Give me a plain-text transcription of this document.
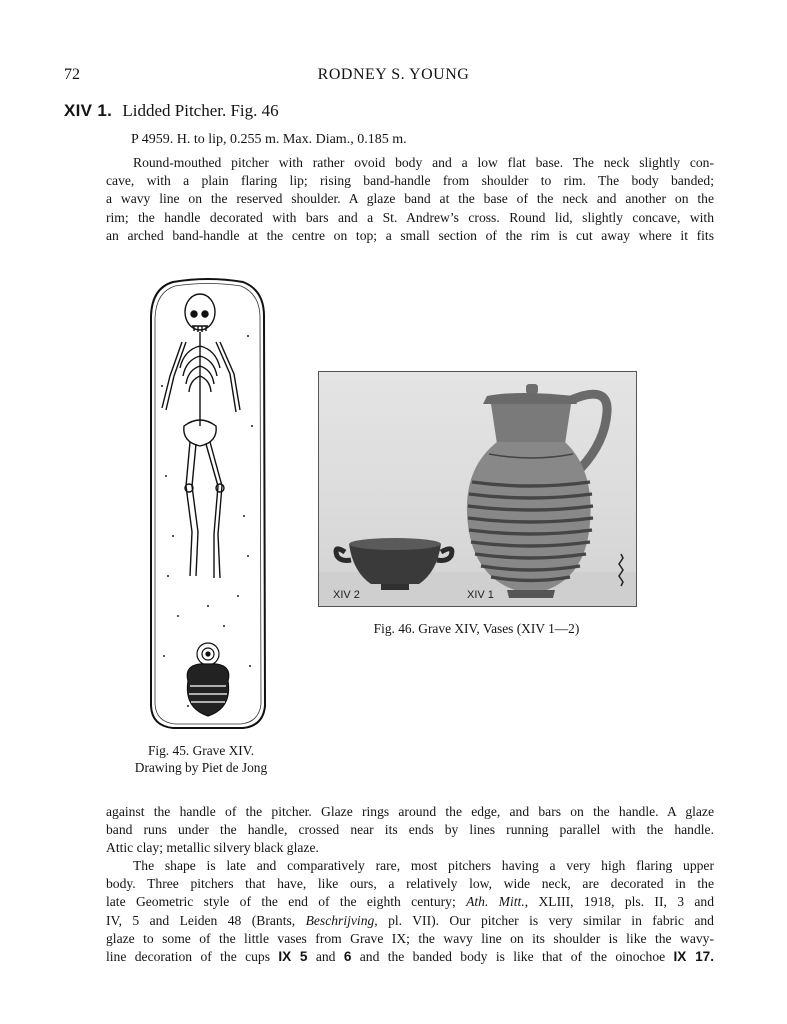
72	RODNEY S. YOUNG
XIV 1. Lidded Pitcher. Fig. 46
P 4959. H. to lip, 0.255 m. Max. Diam., 0.185 m.
Round-mouthed pitcher with rather ovoid body and a low flat base. The neck slightly con-
cave, with a plain flaring lip; rising band-handle from shoulder to rim. The body banded;
a wavy line on the reserved shoulder. A glaze band at the base of the neck and another on the
rim; the handle decorated with bars and a St. Andrew’s cross. Round lid, slightly concave, with
an arched band-handle at the centre on top; a small section of the rim is cut away where it fits
Fig. 45. Grave XIV.
Drawing by Piet de Jong
XIV 2	XIV 1
Fig. 46. Grave XIV, Vases (XIV 1—2)
against the handle of the pitcher. Glaze rings around the edge, and bars on the handle. A glaze
band runs under the handle, crossed near its ends by lines running parallel with the handle.
Attic clay; metallic silvery black glaze.
The shape is late and comparatively rare, most pitchers having a very high flaring upper
body. Three pitchers that have, like ours, a relatively low, wide neck, are decorated in the
late Geometric style of the end of the eighth century; Ath. Mitt., XLIII, 1918, pls. II, 3 and
IV, 5 and Leiden 48 (Brants, Beschrijving, pl. VII). Our pitcher is very similar in fabric and
glaze to some of the little vases from Grave IX; the wavy line on its shoulder is like the wavy-
line decoration of the cups IX 5 and 6 and the banded body is like that of the oinochoe IX 17.
